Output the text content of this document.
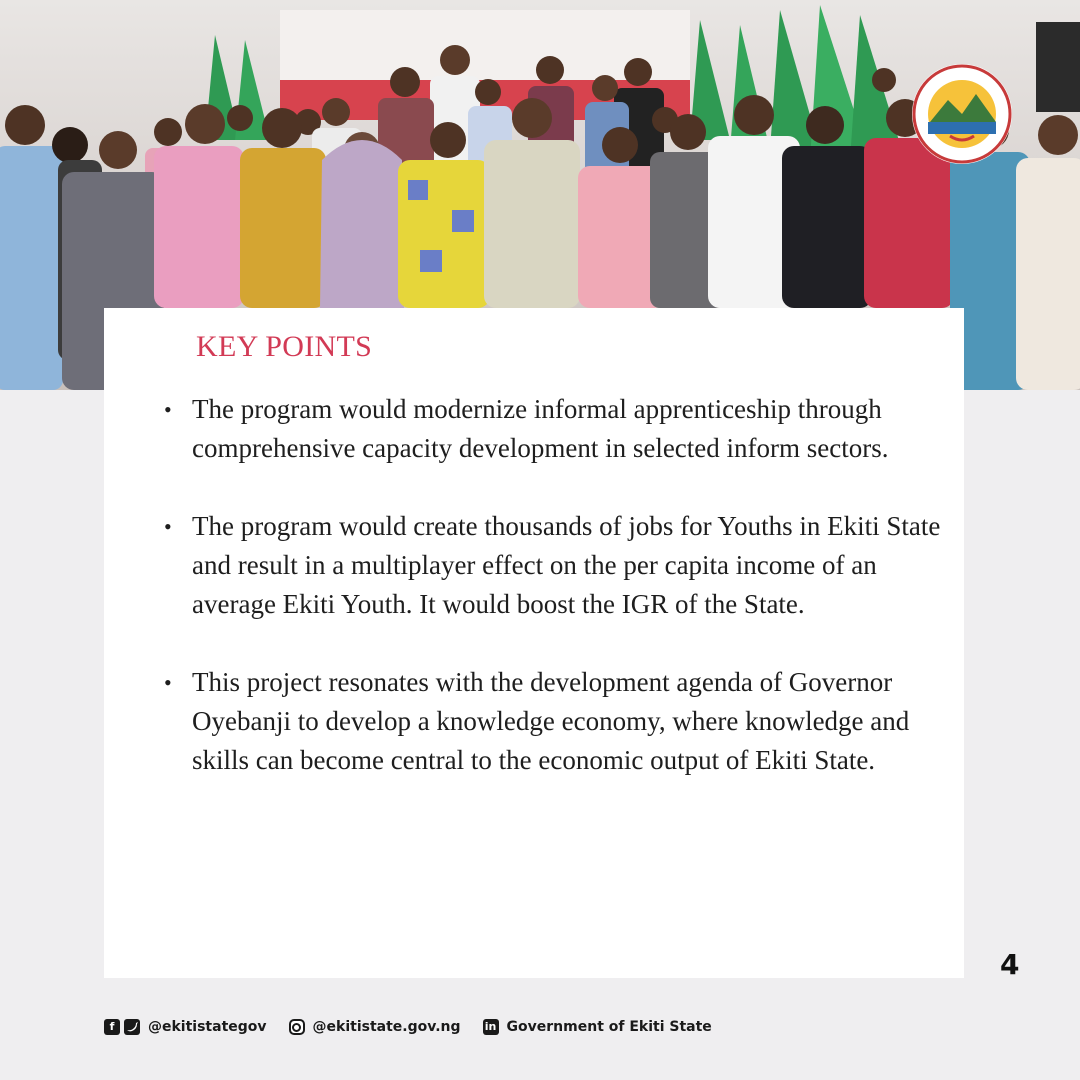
KEY POINTS
• The program would modernize informal apprenticeship through comprehensive capacity development in selected inform sectors.
• The program would create thousands of jobs for Youths in Ekiti State and result in a multiplayer effect on the per capita income of an average Ekiti Youth. It would boost the IGR of the State.
• This project resonates with the development agenda of Governor Oyebanji to develop a knowledge economy, where knowledge and skills can become central to the economic output of Ekiti State.
4
f	@ekitistategov	@ekitistate.gov.ng in Government of Ekiti State
